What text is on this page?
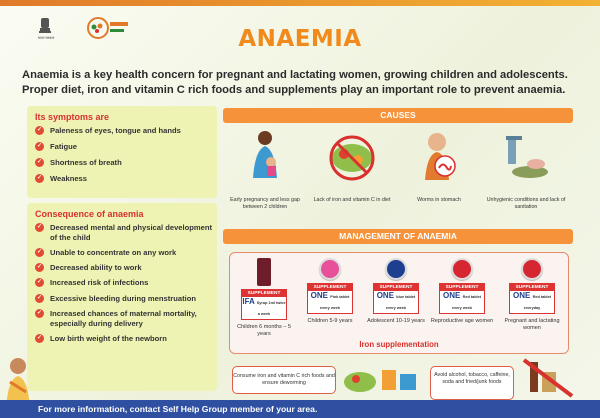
भारत सरकार	ANAEMIA
Anaemia is a key health concern for pregnant and lactating women, growing children and adolescents. Proper diet, iron and vitamin C rich foods and supplements play an important role to prevent anaemia.
Its symptoms are
✓ Paleness of eyes, tongue and hands
✓ Fatigue
✓ Shortness of breath
✓ Weakness
Consequence of anaemia
✓ Decreased mental and physical development of the child
✓ Unable to concentrate on any work
✓ Decreased ability to work
✓ Increased risk of infections
✓ Excessive bleeding during menstruation
✓ Increased chances of maternal mortality, especially during delivery
✓ Low birth weight of the newborn
CAUSES
Early pregnancy and less gap between 2 children
Lack of iron and vitamin C in diet	Worms in stomach	Unhygienic conditions and lack of sanitation
MANAGEMENT OF ANAEMIA
SUPPLEMENT
IFA Syrup 1ml twice a week
Children 6 months – 5 years
SUPPLEMENT
ONE Pink tablet every week
Children 5-9 years
SUPPLEMENT
ONE blue tablet every week
Adolescent 10-19 years
SUPPLEMENT
ONE Red tablet every week
Reproductive age women
SUPPLEMENT
ONE Red tablet everyday
Pregnant and lactating women
Iron supplementation
Consume iron and vitamin C rich foods and ensure deworming
Avoid alcohol, tobacco, caffeine, soda and fried/junk foods
For more information, contact Self Help Group member of your area.
